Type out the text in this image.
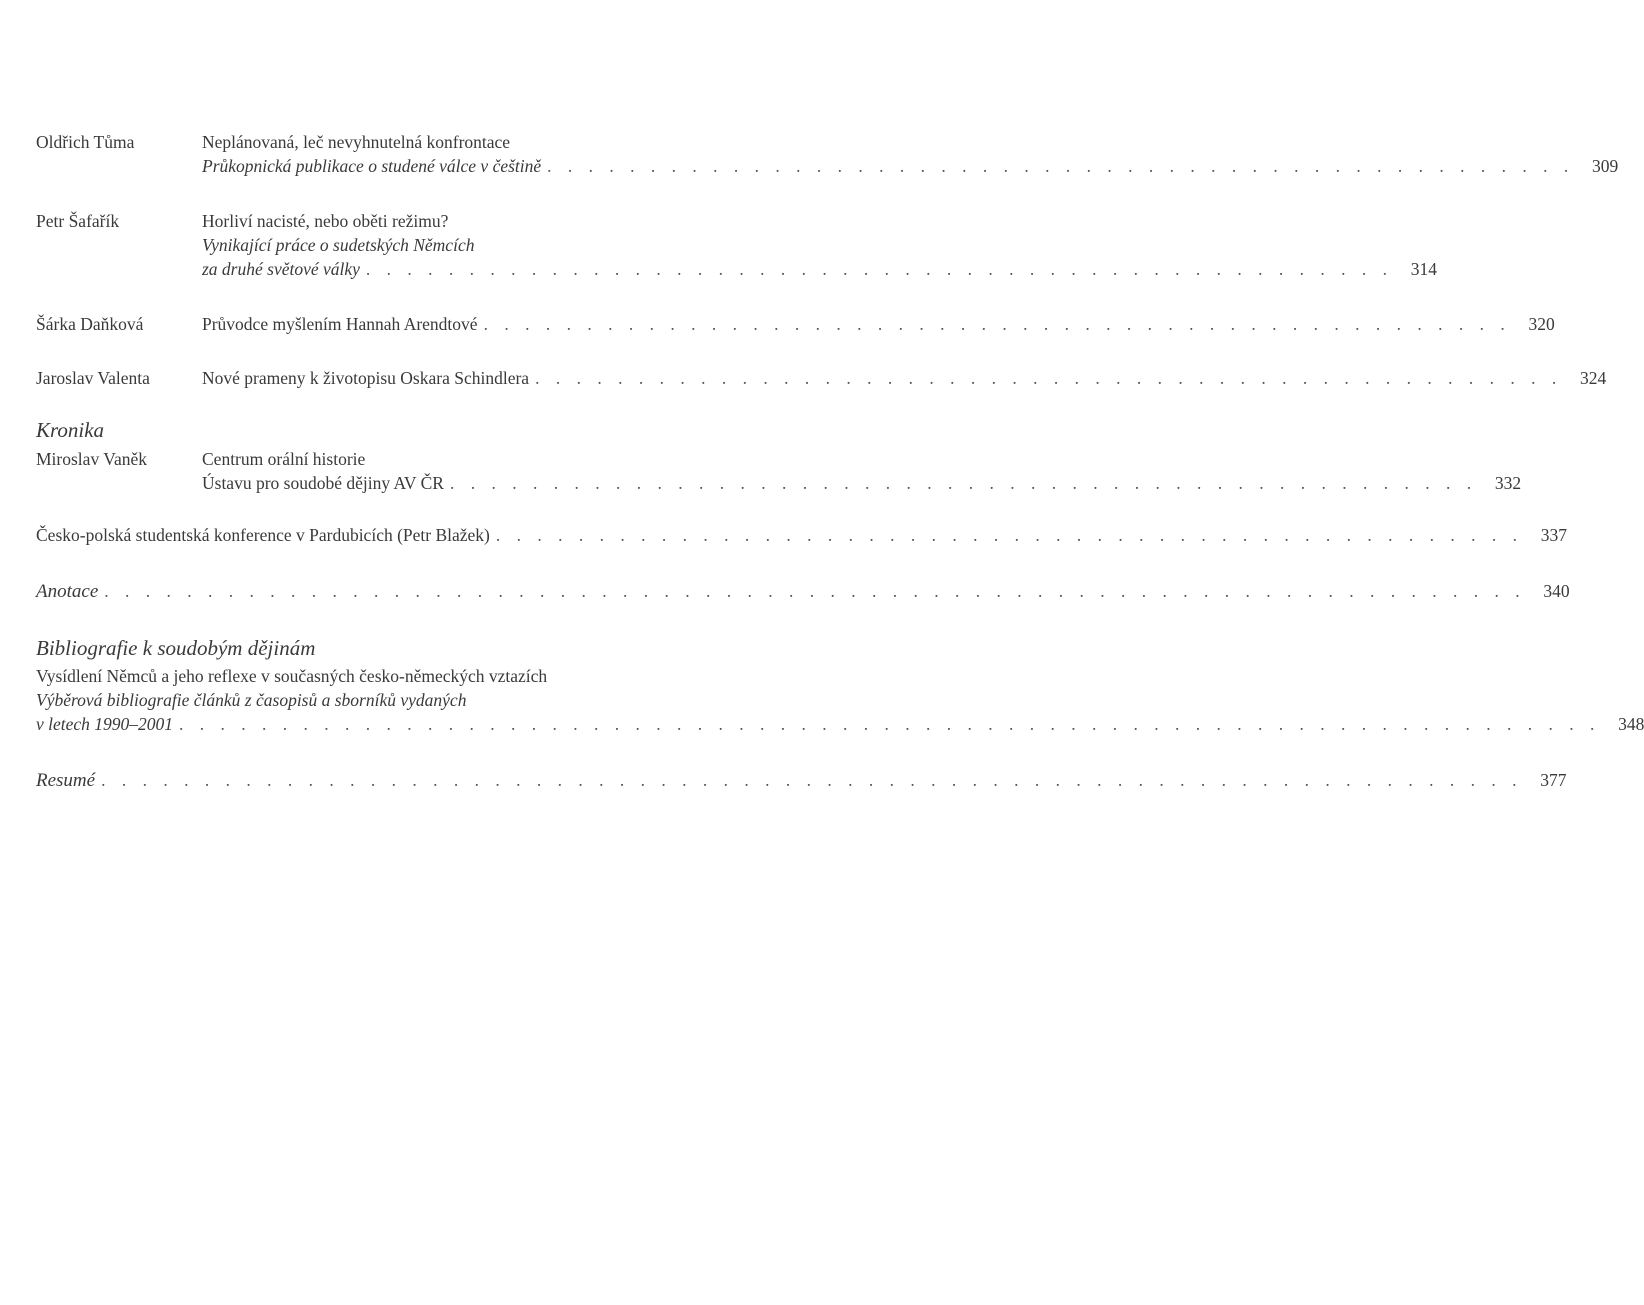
Oldřich Tůma	Neplánovaná, leč nevyhnutelná konfrontace
Průkopnická publikace o studené válce v češtině . . . . . . . . . . . . . . . . . . . . . . . . . . . . . . . . . . . . . . . . . . . . . . . . . .	309
Petr Šafařík	Horliví nacisté, nebo oběti režimu?
Vynikající práce o sudetských Němcích
za druhé světové války . . . . . . . . . . . . . . . . . . . . . . . . . . . . . . . . . . . . . . . . . . . . . . . . . .	314
Šárka Daňková	Průvodce myšlením Hannah Arendtové . . . . . . . . . . . . . . . . . . . . . . . . . . . . . . . . . . . . . . . . . . . . . . . . . .	320
Jaroslav Valenta	Nové prameny k životopisu Oskara Schindlera . . . . . . . . . . . . . . . . . . . . . . . . . . . . . . . . . . . . . . . . . . . . . . . . . .	324
Kronika
Miroslav Vaněk	Centrum orální historie
Ústavu pro soudobé dějiny AV ČR . . . . . . . . . . . . . . . . . . . . . . . . . . . . . . . . . . . . . . . . . . . . . . . . . .	332
Česko-polská studentská konference v Pardubicích (Petr Blažek) . . . . . . . . . . . . . . . . . . . . . . . . . . . . . . . . . . . . . . . . . . . . . . . . . .	337
Anotace . . . . . . . . . . . . . . . . . . . . . . . . . . . . . . . . . . . . . . . . . . . . . . . . . . . . . . . . . . . . . . . . . . . . .	340
Bibliografie k soudobým dějinám
Vysídlení Němců a jeho reflexe v současných česko-německých vztazích
Výběrová bibliografie článků z časopisů a sborníků vydaných
v letech 1990–2001 . . . . . . . . . . . . . . . . . . . . . . . . . . . . . . . . . . . . . . . . . . . . . . . . . . . . . . . . . . . . . . . . . . . . .	348
Resumé . . . . . . . . . . . . . . . . . . . . . . . . . . . . . . . . . . . . . . . . . . . . . . . . . . . . . . . . . . . . . . . . . . . . .	377
